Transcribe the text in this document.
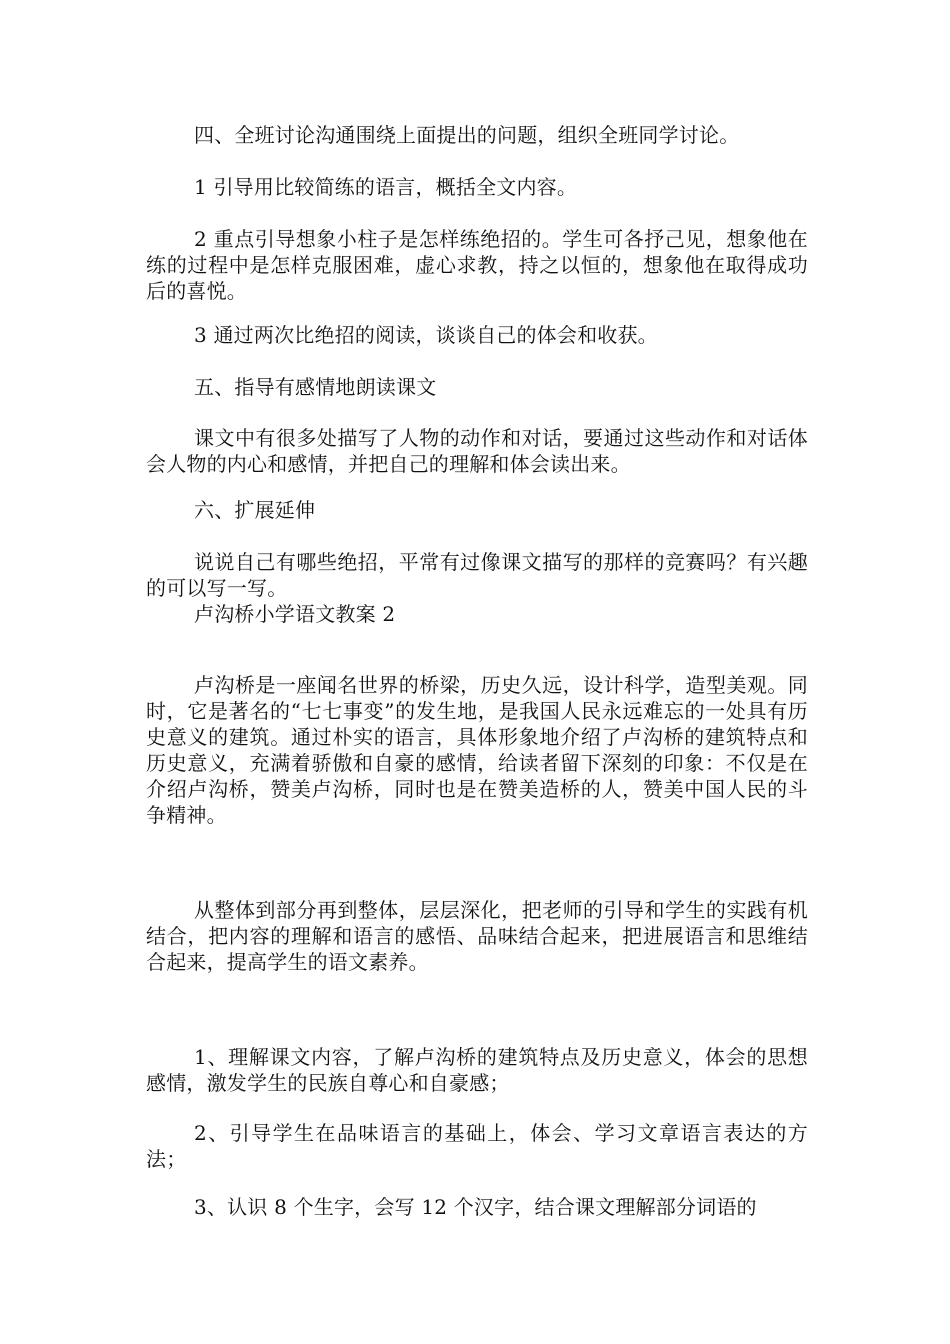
四、全班讨论沟通围绕上面提出的问题，组织全班同学讨论。

1 引导用比较简练的语言，概括全文内容。

2 重点引导想象小柱子是怎样练绝招的。学生可各抒己见，想象他在练的过程中是怎样克服困难，虚心求教，持之以恒的，想象他在取得成功后的喜悦。

3 通过两次比绝招的阅读，谈谈自己的体会和收获。

五、指导有感情地朗读课文

课文中有很多处描写了人物的动作和对话，要通过这些动作和对话体会人物的内心和感情，并把自己的理解和体会读出来。

六、扩展延伸

说说自己有哪些绝招，平常有过像课文描写的那样的竞赛吗？有兴趣的可以写一写。

卢沟桥小学语文教案 2

卢沟桥是一座闻名世界的桥梁，历史久远，设计科学，造型美观。同时，它是著名的“七七事变”的发生地，是我国人民永远难忘的一处具有历史意义的建筑。通过朴实的语言，具体形象地介绍了卢沟桥的建筑特点和历史意义，充满着骄傲和自豪的感情，给读者留下深刻的印象：不仅是在介绍卢沟桥，赞美卢沟桥，同时也是在赞美造桥的人，赞美中国人民的斗争精神。

从整体到部分再到整体，层层深化，把老师的引导和学生的实践有机结合，把内容的理解和语言的感悟、品味结合起来，把进展语言和思维结合起来，提高学生的语文素养。

1、理解课文内容，了解卢沟桥的建筑特点及历史意义，体会的思想感情，激发学生的民族自尊心和自豪感；

2、引导学生在品味语言的基础上，体会、学习文章语言表达的方法；

3、认识 8 个生字，会写 12 个汉字，结合课文理解部分词语的
